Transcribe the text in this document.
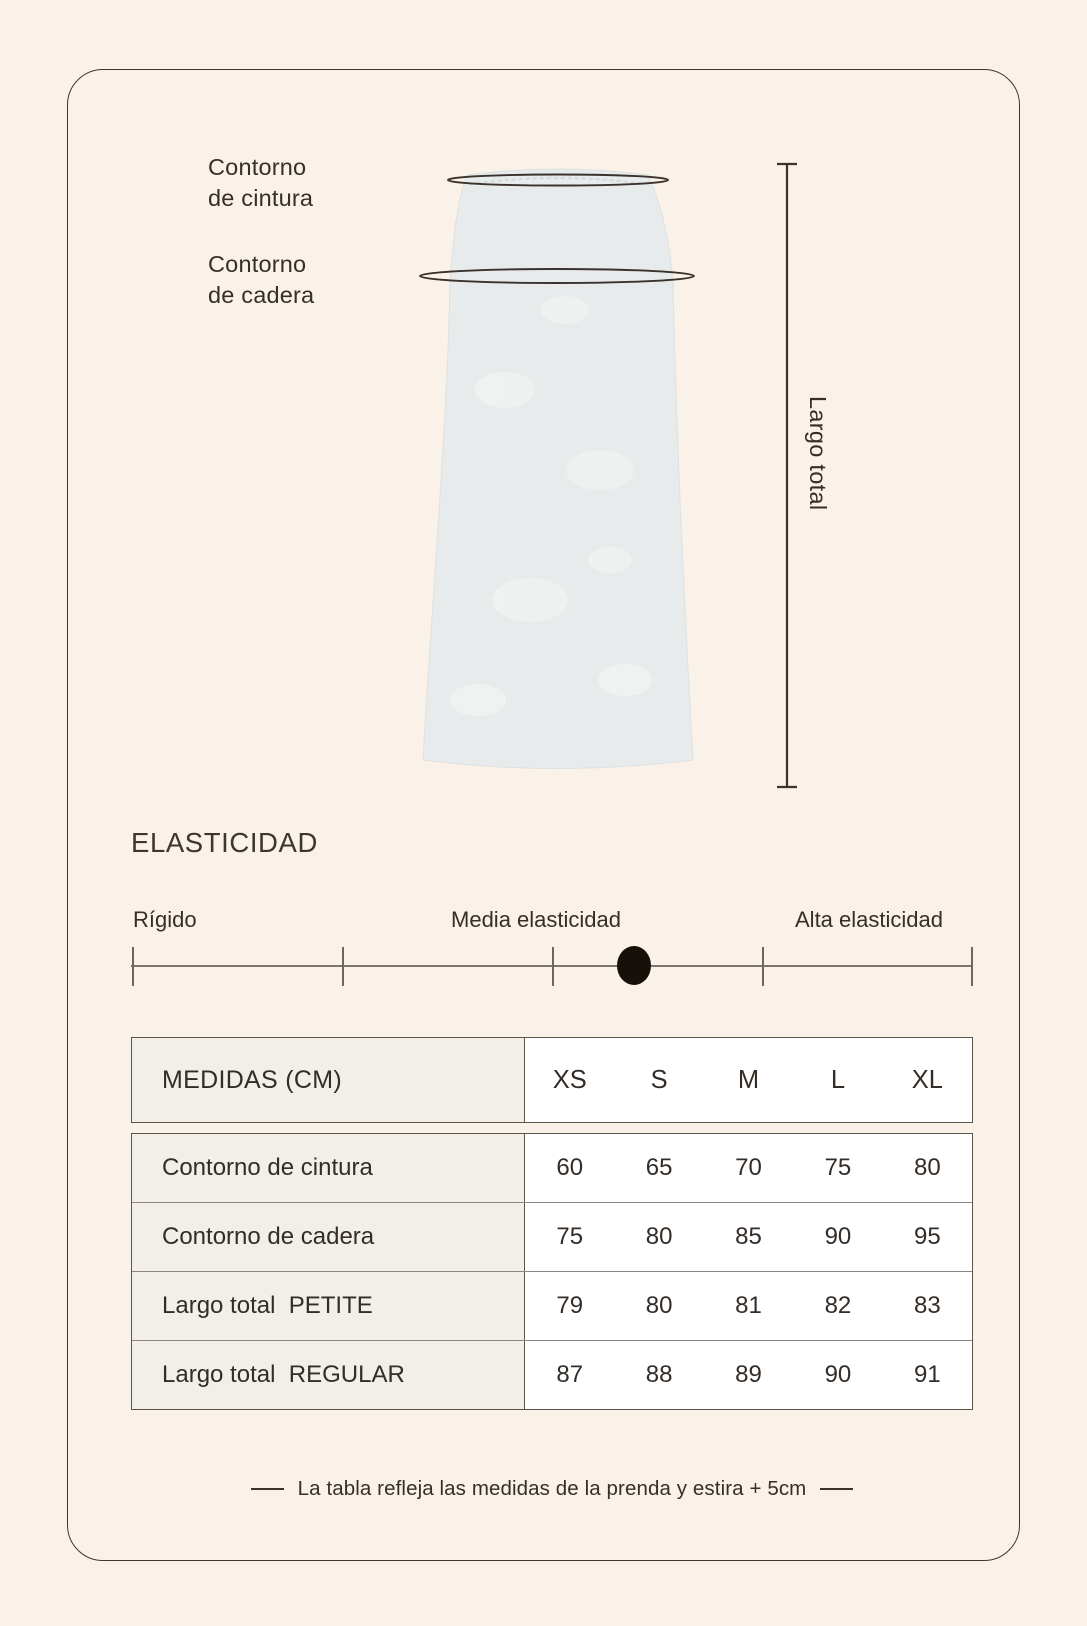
Contorno
de cintura
Contorno
de cadera
Largo total
ELASTICIDAD
Rígido	Media elasticidad	Alta elasticidad
MEDIDAS (CM)	XS	S	M	L	XL
Contorno de cintura	60	65	70	75	80
Contorno de cadera	75	80	85	90	95
Largo total  PETITE	79	80	81	82	83
Largo total  REGULAR	87	88	89	90	91
La tabla refleja las medidas de la prenda y estira + 5cm
